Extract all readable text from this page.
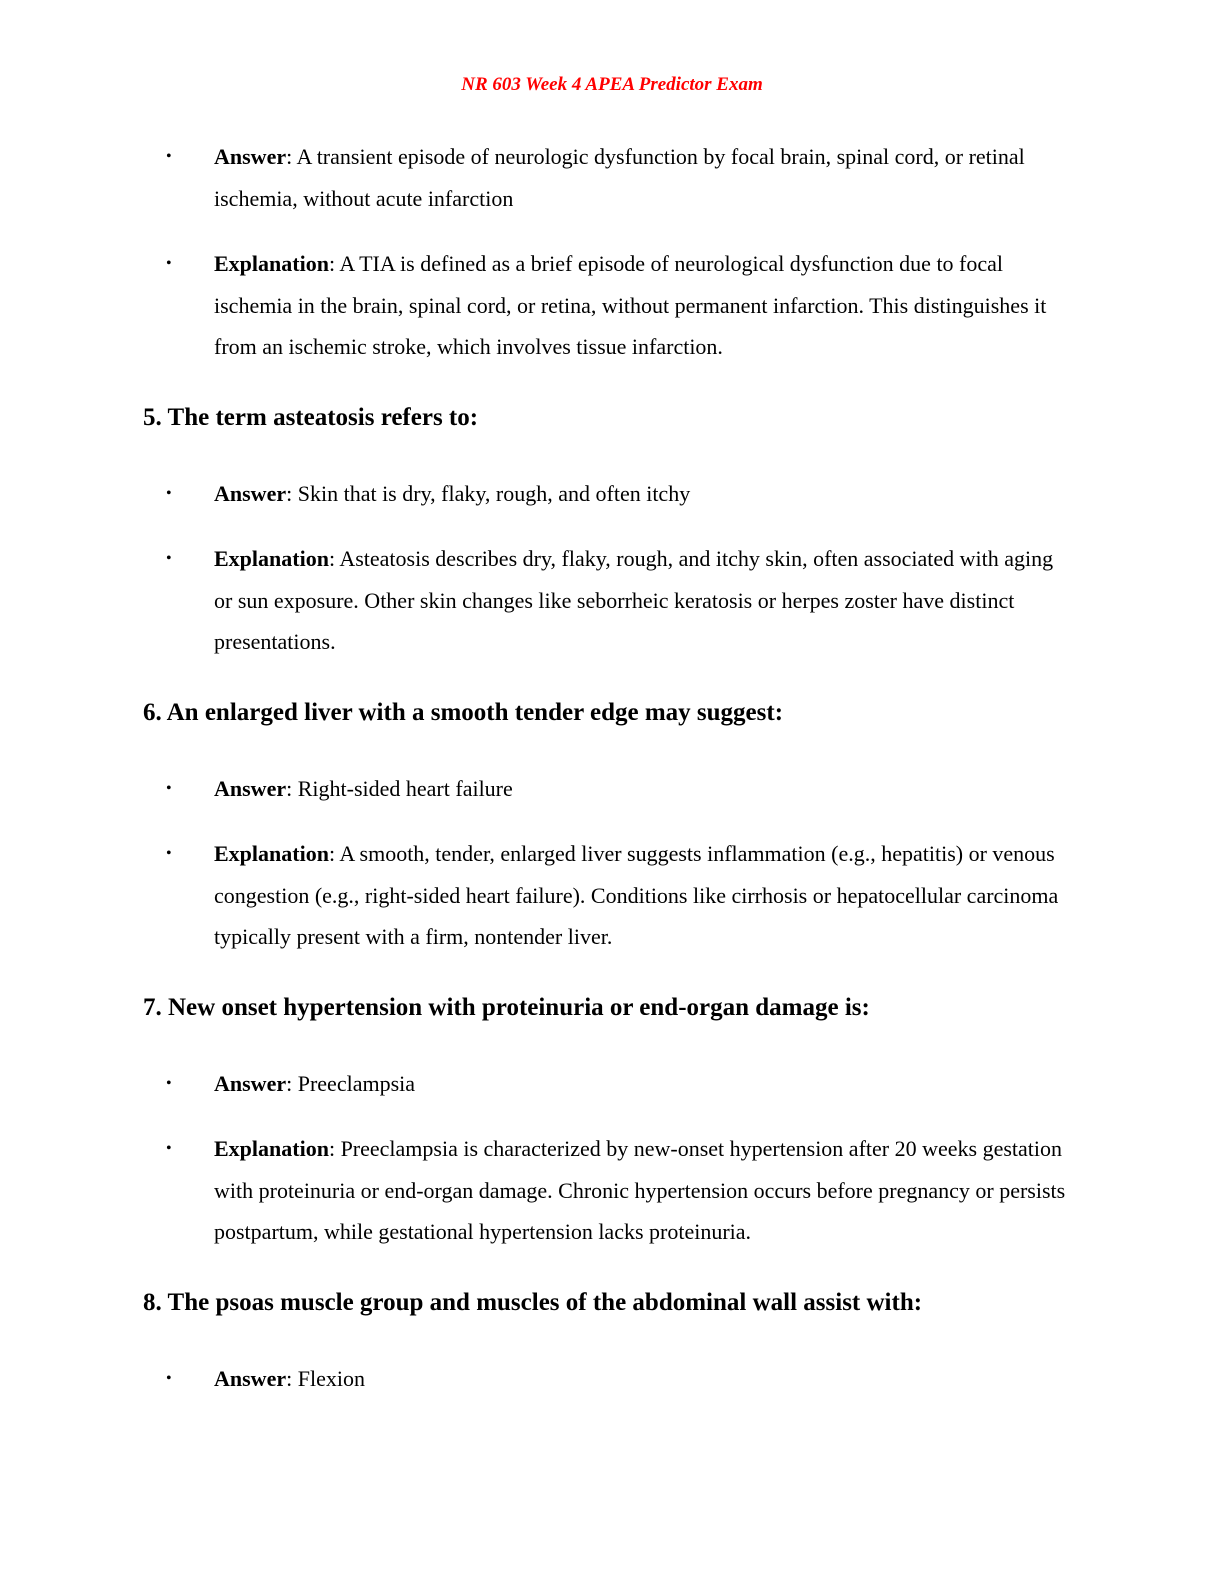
NR 603 Week 4 APEA Predictor Exam
•	Answer: A transient episode of neurologic dysfunction by focal brain, spinal cord, or retinal ischemia, without acute infarction
•	Explanation: A TIA is defined as a brief episode of neurological dysfunction due to focal ischemia in the brain, spinal cord, or retina, without permanent infarction. This distinguishes it from an ischemic stroke, which involves tissue infarction.
5. The term asteatosis refers to:
•	Answer: Skin that is dry, flaky, rough, and often itchy
•	Explanation: Asteatosis describes dry, flaky, rough, and itchy skin, often associated with aging or sun exposure. Other skin changes like seborrheic keratosis or herpes zoster have distinct presentations.
6. An enlarged liver with a smooth tender edge may suggest:
•	Answer: Right-sided heart failure
•	Explanation: A smooth, tender, enlarged liver suggests inflammation (e.g., hepatitis) or venous congestion (e.g., right-sided heart failure). Conditions like cirrhosis or hepatocellular carcinoma typically present with a firm, nontender liver.
7. New onset hypertension with proteinuria or end-organ damage is:
•	Answer: Preeclampsia
•	Explanation: Preeclampsia is characterized by new-onset hypertension after 20 weeks gestation with proteinuria or end-organ damage. Chronic hypertension occurs before pregnancy or persists postpartum, while gestational hypertension lacks proteinuria.
8. The psoas muscle group and muscles of the abdominal wall assist with:
•	Answer: Flexion
